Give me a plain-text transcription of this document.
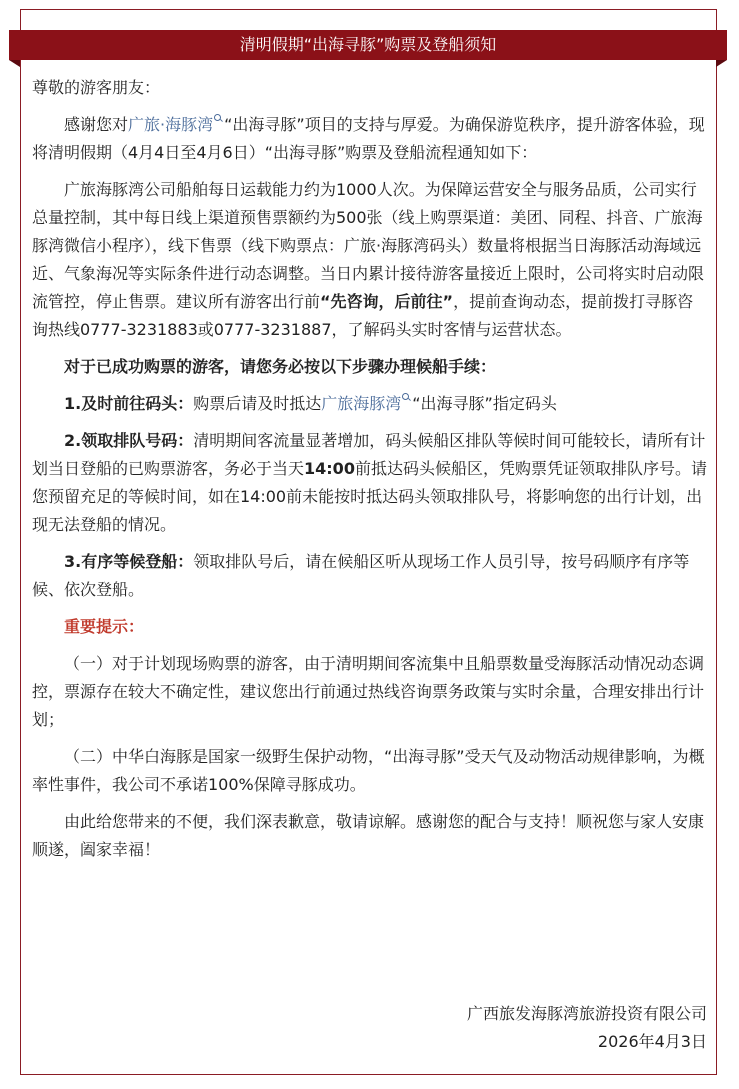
清明假期“出海寻豚”购票及登船须知

尊敬的游客朋友：

感谢您对广旅·海豚湾 “出海寻豚”项目的支持与厚爱。为确保游览秩序，提升游客体验，现将清明假期（4月4日至4月6日）“出海寻豚”购票及登船流程通知如下：

广旅海豚湾公司船舶每日运载能力约为1000人次。为保障运营安全与服务品质，公司实行总量控制，其中每日线上渠道预售票额约为500张（线上购票渠道：美团、同程、抖音、广旅海豚湾微信小程序），线下售票（线下购票点：广旅·海豚湾码头）数量将根据当日海豚活动海域远近、气象海况等实际条件进行动态调整。当日内累计接待游客量接近上限时，公司将实时启动限流管控，停止售票。建议所有游客出行前“先咨询，后前往”，提前查询动态，提前拨打寻豚咨询热线0777-3231883或0777-3231887，了解码头实时客情与运营状态。

对于已成功购票的游客，请您务必按以下步骤办理候船手续：

1.及时前往码头：购票后请及时抵达广旅海豚湾 “出海寻豚”指定码头

2.领取排队号码：清明期间客流量显著增加，码头候船区排队等候时间可能较长，请所有计划当日登船的已购票游客，务必于当天14:00前抵达码头候船区，凭购票凭证领取排队序号。请您预留充足的等候时间，如在14:00前未能按时抵达码头领取排队号，将影响您的出行计划，出现无法登船的情况。

3.有序等候登船：领取排队号后，请在候船区听从现场工作人员引导，按号码顺序有序等候、依次登船。

重要提示：

（一）对于计划现场购票的游客，由于清明期间客流集中且船票数量受海豚活动情况动态调控，票源存在较大不确定性，建议您出行前通过热线咨询票务政策与实时余量，合理安排出行计划；

（二）中华白海豚是国家一级野生保护动物，“出海寻豚”受天气及动物活动规律影响，为概率性事件，我公司不承诺100%保障寻豚成功。

由此给您带来的不便，我们深表歉意，敬请谅解。感谢您的配合与支持！顺祝您与家人安康顺遂，阖家幸福！

广西旅发海豚湾旅游投资有限公司
2026年4月3日
